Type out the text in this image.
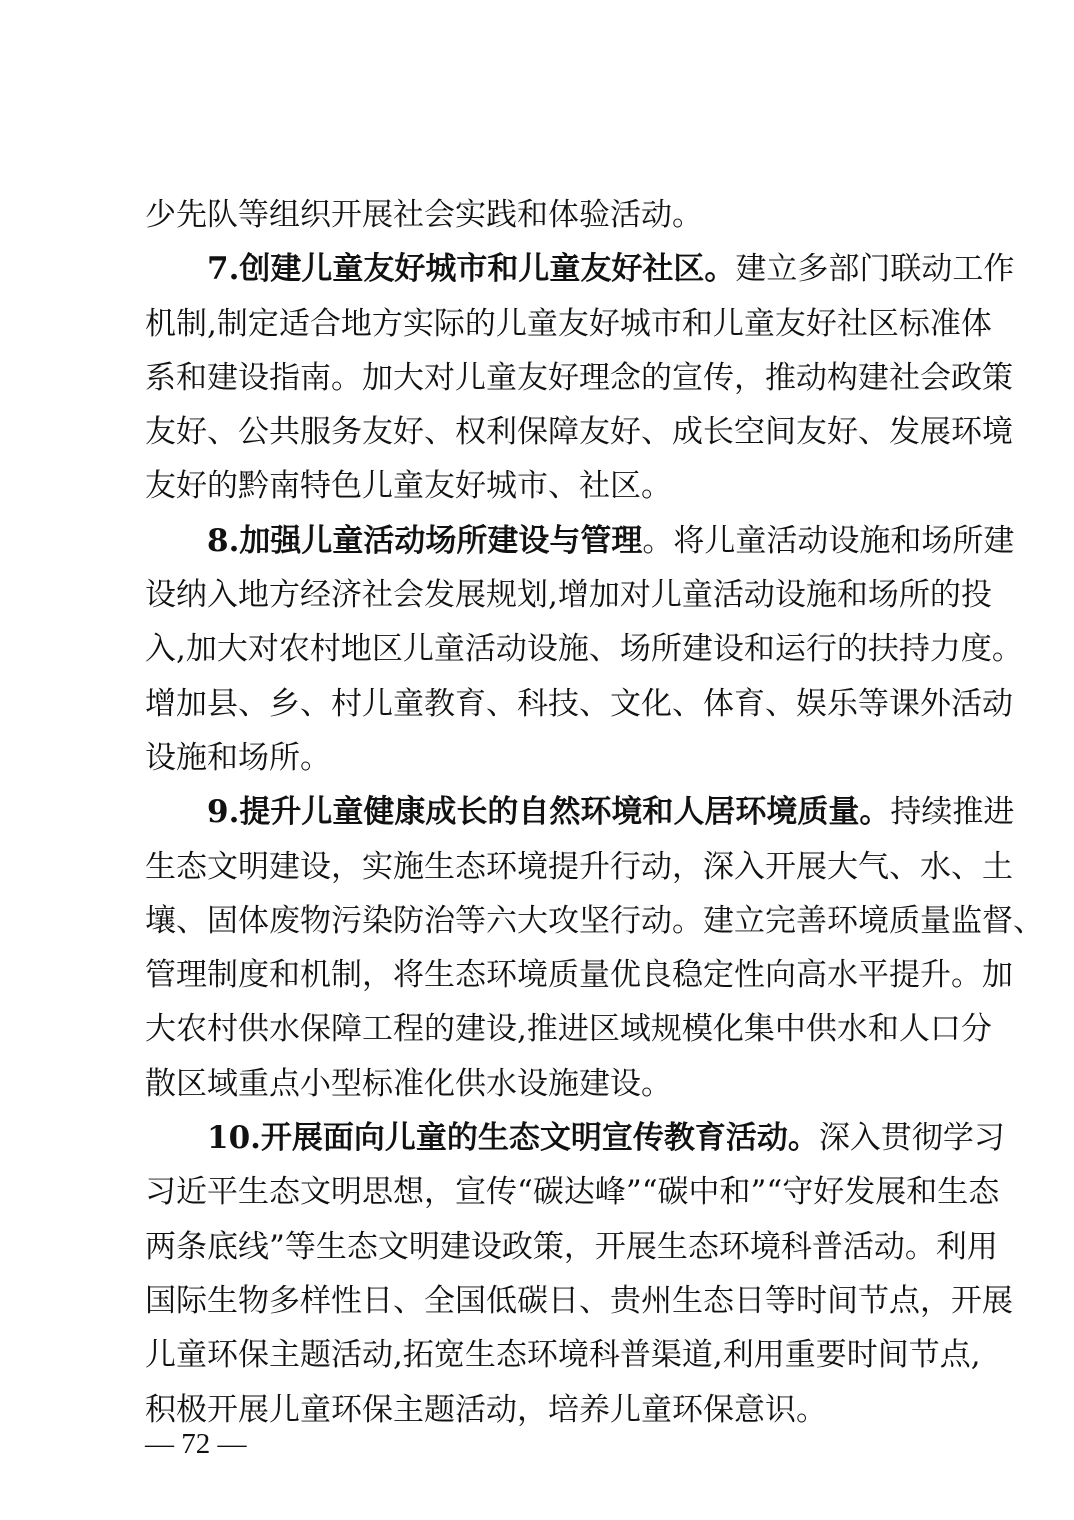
少先队等组织开展社会实践和体验活动。
7.创建儿童友好城市和儿童友好社区。建立多部门联动工作
机制,制定适合地方实际的儿童友好城市和儿童友好社区标准体
系和建设指南。加大对儿童友好理念的宣传，推动构建社会政策
友好、公共服务友好、权利保障友好、成长空间友好、发展环境
友好的黔南特色儿童友好城市、社区。
8.加强儿童活动场所建设与管理。将儿童活动设施和场所建
设纳入地方经济社会发展规划,增加对儿童活动设施和场所的投
入,加大对农村地区儿童活动设施、场所建设和运行的扶持力度。
增加县、乡、村儿童教育、科技、文化、体育、娱乐等课外活动
设施和场所。
9.提升儿童健康成长的自然环境和人居环境质量。持续推进
生态文明建设，实施生态环境提升行动，深入开展大气、水、土
壤、固体废物污染防治等六大攻坚行动。建立完善环境质量监督、
管理制度和机制，将生态环境质量优良稳定性向高水平提升。加
大农村供水保障工程的建设,推进区域规模化集中供水和人口分
散区域重点小型标准化供水设施建设。
10.开展面向儿童的生态文明宣传教育活动。深入贯彻学习
习近平生态文明思想，宣传“碳达峰”“碳中和”“守好发展和生态
两条底线”等生态文明建设政策，开展生态环境科普活动。利用
国际生物多样性日、全国低碳日、贵州生态日等时间节点，开展
儿童环保主题活动,拓宽生态环境科普渠道,利用重要时间节点,
积极开展儿童环保主题活动，培养儿童环保意识。
— 72 —
